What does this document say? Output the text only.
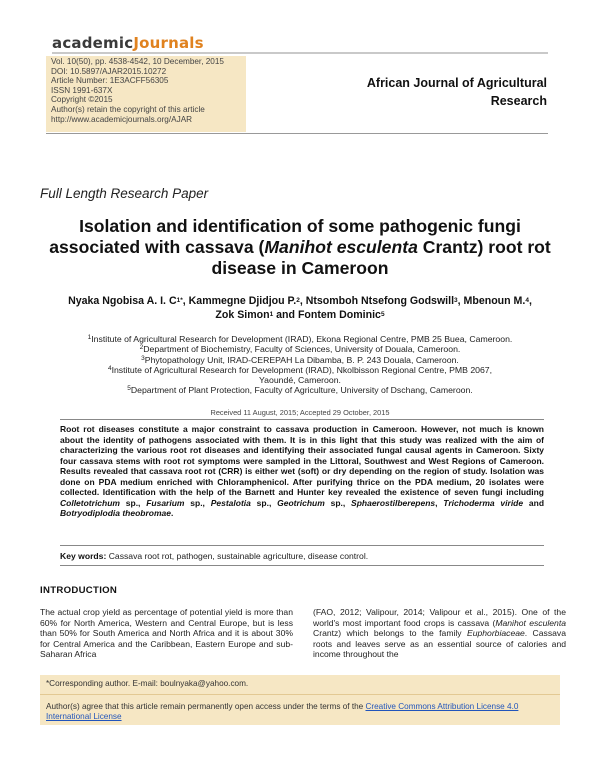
academicJournals
Vol. 10(50), pp. 4538-4542, 10 December, 2015
DOI: 10.5897/AJAR2015.10272
Article Number: 1E3ACFF56305
ISSN 1991-637X
Copyright ©2015
Author(s) retain the copyright of this article
http://www.academicjournals.org/AJAR
African Journal of Agricultural
Research
Full Length Research Paper
Isolation and identification of some pathogenic fungi associated with cassava (Manihot esculenta Crantz) root rot disease in Cameroon
Nyaka Ngobisa A. I. $C^{1*}$, Kammegne Djidjou P.$^2$, Ntsomboh Ntsefong Godswill$^3$, Mbenoun M.$^4$,
Zok Simon$^1$ and Fontem Dominic$^5$
$^1$Institute of Agricultural Research for Development (IRAD), Ekona Regional Centre, PMB 25 Buea, Cameroon.
$^2$Department of Biochemistry, Faculty of Sciences, University of Douala, Cameroon.
$^3$Phytopathology Unit, IRAD-CEREPAH La Dibamba, B. P. 243 Douala, Cameroon.
$^4$Institute of Agricultural Research for Development (IRAD), Nkolbisson Regional Centre, PMB 2067,
Yaoundé, Cameroon.
$^5$Department of Plant Protection, Faculty of Agriculture, University of Dschang, Cameroon.
Received 11 August, 2015; Accepted 29 October, 2015
Root rot diseases constitute a major constraint to cassava production in Cameroon. However, not much is known about the identity of pathogens associated with them. It is in this light that this study was realized with the aim of characterizing the various root rot diseases and identifying their associated fungal causal agents in Cameroon. Sixty four cassava stems with root rot symptoms were sampled in the Littoral, Southwest and West Regions of Cameroon. Results revealed that cassava root rot (CRR) is either wet (soft) or dry depending on the region of study. Isolation was done on PDA medium enriched with Chloramphenicol. After purifying thrice on the PDA medium, 20 isolates were collected. Identification with the help of the Barnett and Hunter key revealed the existence of seven fungi including Colletotrichum sp., Fusarium sp., Pestalotia sp., Geotrichum sp., Sphaerostilberepens, Trichoderma viride and Botryodiplodia theobromae.
Key words: Cassava root rot, pathogen, sustainable agriculture, disease control.
INTRODUCTION
The actual crop yield as percentage of potential yield is more than 60% for North America, Western and Central Europe, but is less than 50% for South America and North Africa and it is about 30% for Central America and the Caribbean, Eastern Europe and sub-Saharan Africa
(FAO, 2012; Valipour, 2014; Valipour et al., 2015). One of the world's most important food crops is cassava (Manihot esculenta Crantz) which belongs to the family Euphorbiaceae. Cassava roots and leaves serve as an essential source of calories and income throughout the
*Corresponding author. E-mail: boulnyaka@yahoo.com.
Author(s) agree that this article remain permanently open access under the terms of the Creative Commons Attribution License 4.0 International License
